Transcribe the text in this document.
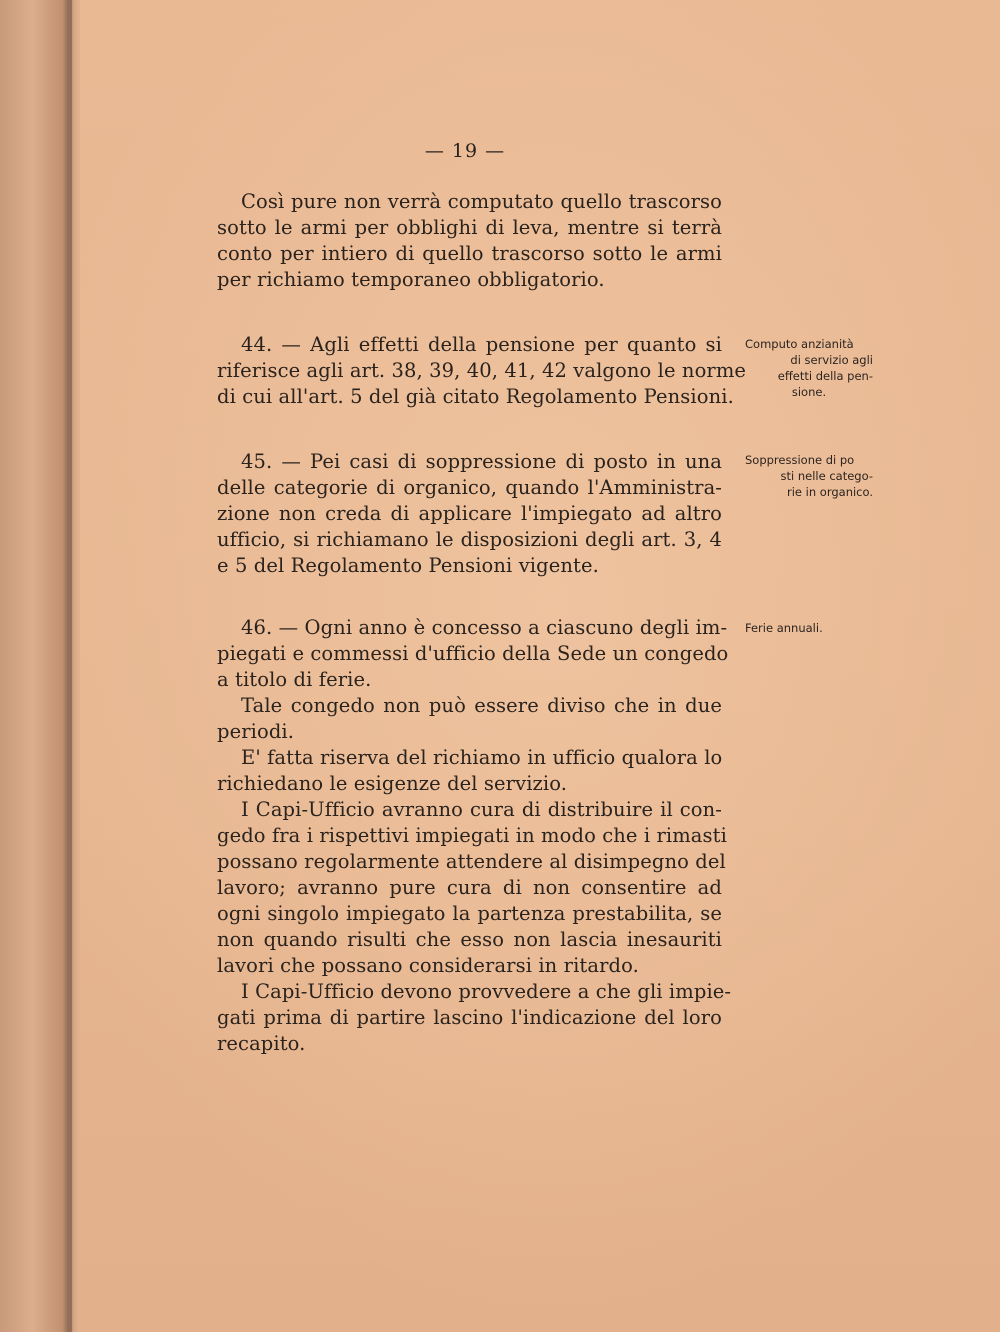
— 19 —
Così pure non verrà computato quello trascorso
sotto le armi per obblighi di leva, mentre si terrà
conto per intiero di quello trascorso sotto le armi
per richiamo temporaneo obbligatorio.
44. — Agli effetti della pensione per quanto si
riferisce agli art. 38, 39, 40, 41, 42 valgono le norme
di cui all'art. 5 del già citato Regolamento Pensioni.
45. — Pei casi di soppressione di posto in una
delle categorie di organico, quando l'Amministra-
zione non creda di applicare l'impiegato ad altro
ufficio, si richiamano le disposizioni degli art. 3, 4
e 5 del Regolamento Pensioni vigente.
46. — Ogni anno è concesso a ciascuno degli im-
piegati e commessi d'ufficio della Sede un congedo
a titolo di ferie.
Tale congedo non può essere diviso che in due
periodi.
E' fatta riserva del richiamo in ufficio qualora lo
richiedano le esigenze del servizio.
I Capi-Ufficio avranno cura di distribuire il con-
gedo fra i rispettivi impiegati in modo che i rimasti
possano regolarmente attendere al disimpegno del
lavoro; avranno pure cura di non consentire ad
ogni singolo impiegato la partenza prestabilita, se
non quando risulti che esso non lascia inesauriti
lavori che possano considerarsi in ritardo.
I Capi-Ufficio devono provvedere a che gli impie-
gati prima di partire lascino l'indicazione del loro
recapito.
Computo anzianità
di servizio agli
effetti della pen-
sione.
Soppressione di po
sti nelle catego-
rie in organico.
Ferie annuali.
